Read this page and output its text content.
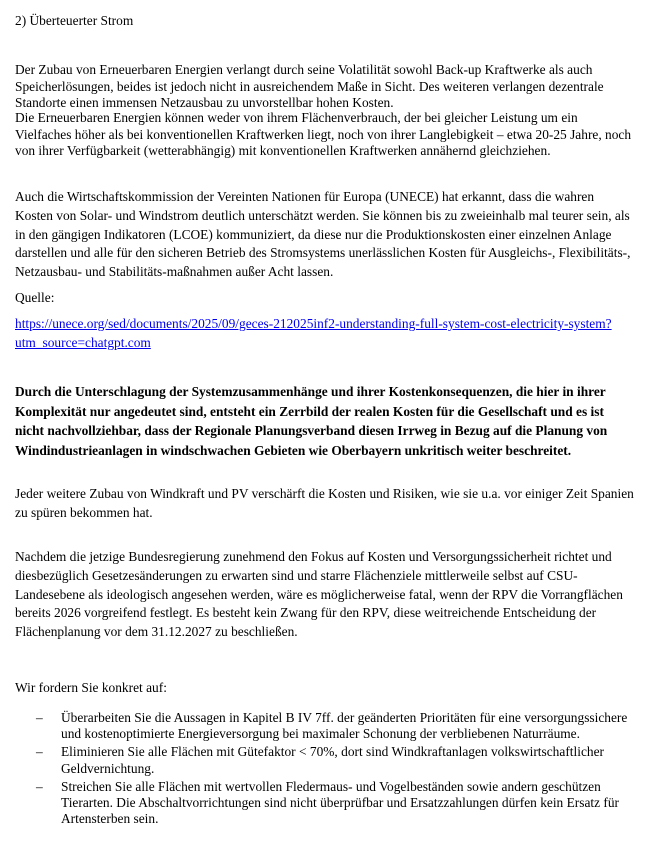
2) Überteuerter Strom

Der Zubau von Erneuerbaren Energien verlangt durch seine Volatilität sowohl Back-up Kraftwerke als auch Speicherlösungen, beides ist jedoch nicht in ausreichendem Maße in Sicht. Des weiteren verlangen dezentrale Standorte einen immensen Netzausbau zu unvorstellbar hohen Kosten.

Die Erneuerbaren Energien können weder von ihrem Flächenverbrauch, der bei gleicher Leistung um ein Vielfaches höher als bei konventionellen Kraftwerken liegt, noch von ihrer Langlebigkeit – etwa 20-25 Jahre, noch von ihrer Verfügbarkeit (wetterabhängig) mit konventionellen Kraftwerken annähernd gleichziehen.

Auch die Wirtschaftskommission der Vereinten Nationen für Europa (UNECE) hat erkannt, dass die wahren Kosten von Solar- und Windstrom deutlich unterschätzt werden. Sie können bis zu zweieinhalb mal teurer sein, als in den gängigen Indikatoren (LCOE) kommuniziert, da diese nur die Produktionskosten einer einzelnen Anlage darstellen und alle für den sicheren Betrieb des Stromsystems unerlässlichen Kosten für Ausgleichs-, Flexibilitäts-, Netzausbau- und Stabilitäts-maßnahmen außer Acht lassen.

Quelle:

https://unece.org/sed/documents/2025/09/geces-212025inf2-understanding-full-system-cost-electricity-system?utm_source=chatgpt.com

Durch die Unterschlagung der Systemzusammenhänge und ihrer Kostenkonsequenzen, die hier in ihrer Komplexität nur angedeutet sind, entsteht ein Zerrbild der realen Kosten für die Gesellschaft und es ist nicht nachvollziehbar, dass der Regionale Planungsverband diesen Irrweg in Bezug auf die Planung von Windindustrieanlagen in windschwachen Gebieten wie Oberbayern unkritisch weiter beschreitet.

Jeder weitere Zubau von Windkraft und PV verschärft die Kosten und Risiken, wie sie u.a. vor einiger Zeit Spanien zu spüren bekommen hat.

Nachdem die jetzige Bundesregierung zunehmend den Fokus auf Kosten und Versorgungssicherheit richtet und diesbezüglich Gesetzesänderungen zu erwarten sind und starre Flächenziele mittlerweile selbst auf CSU-Landesebene als ideologisch angesehen werden, wäre es möglicherweise fatal, wenn der RPV die Vorrangflächen bereits 2026 vorgreifend festlegt. Es besteht kein Zwang für den RPV, diese weitreichende Entscheidung der Flächenplanung vor dem 31.12.2027 zu beschließen.

Wir fordern Sie konkret auf:

– Überarbeiten Sie die Aussagen in Kapitel B IV 7ff. der geänderten Prioritäten für eine versorgungssichere und kostenoptimierte Energieversorgung bei maximaler Schonung der verbliebenen Naturräume.
– Eliminieren Sie alle Flächen mit Gütefaktor < 70%, dort sind Windkraftanlagen volkswirtschaftlicher Geldvernichtung.
– Streichen Sie alle Flächen mit wertvollen Fledermaus- und Vogelbeständen sowie andern geschützen Tierarten. Die Abschaltvorrichtungen sind nicht überprüfbar und Ersatzzahlungen dürfen kein Ersatz für Artensterben sein.
